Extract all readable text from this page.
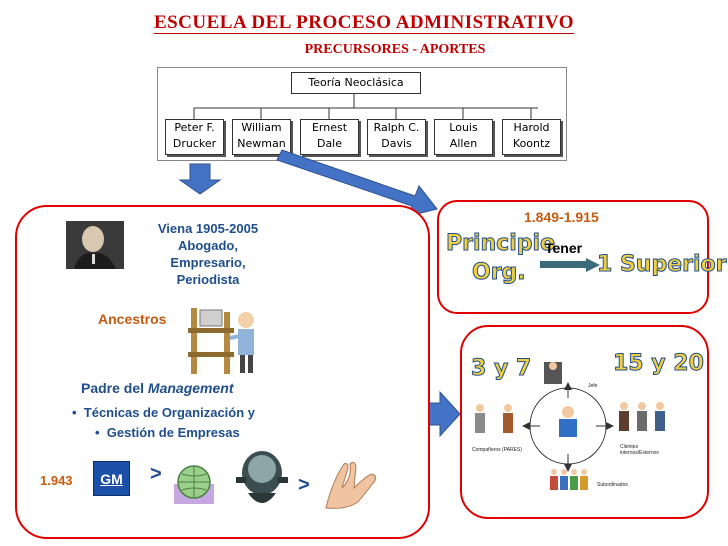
ESCUELA DEL PROCESO ADMINISTRATIVO
PRECURSORES - APORTES
Teoría Neoclásica
Peter F.
Drucker
William
Newman
Ernest
Dale
Ralph C.
Davis
Louis
Allen
Harold
Koontz
Viena 1905-2005
Abogado,
Empresario,
Periodista
Ancestros
Padre del Management
•  Técnicas de Organización y
•  Gestión de Empresas
1.943 GM >	>
1.849-1.915
Principio
Org.
Tener
1 Superior
3 y 7	15 y 20
Jefe
Compañeros (PARES)	Clientes internos/Externos
Subordinados
